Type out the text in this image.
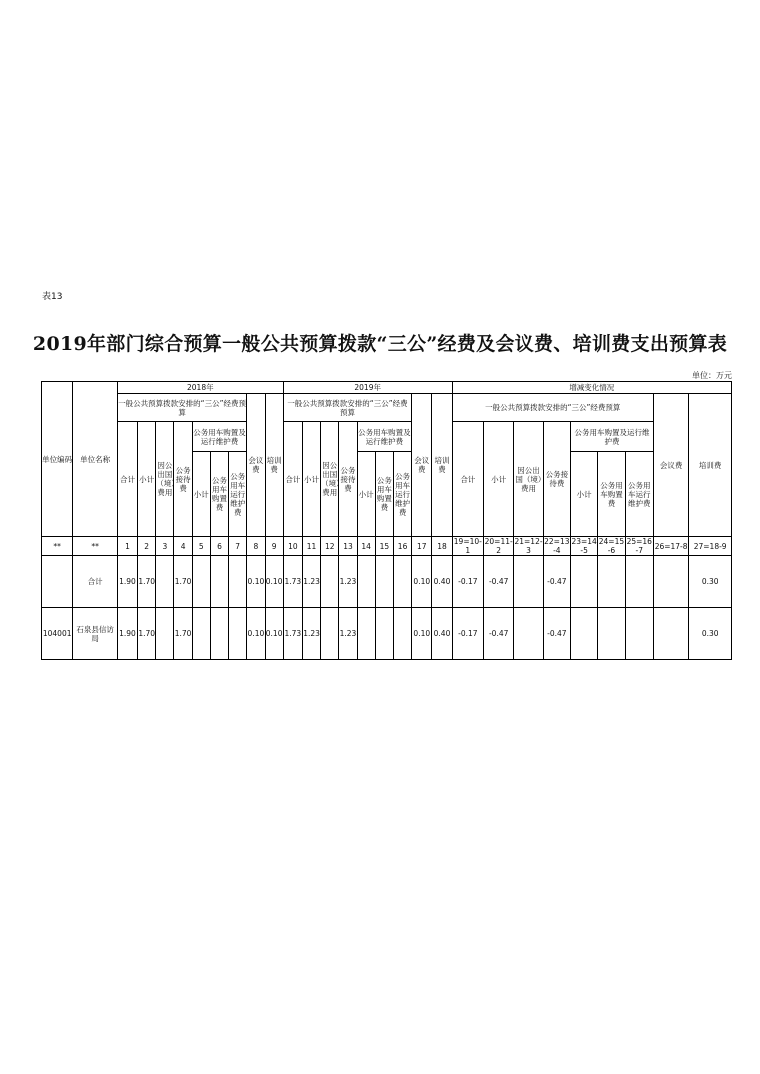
表13
2019年部门综合预算一般公共预算拨款“三公”经费及会议费、培训费支出预算表
单位：万元
单位编码	单位名称	2018年									2019年									增减变化情况								
		一般公共预算拨款安排的“三公”经费预算							会议费	培训费	一般公共预算拨款安排的“三公”经费预算							会议费	培训费	一般公共预算拨款安排的“三公”经费预算							会议费	培训费
		合计	小计	因公出国（境）费用	公务接待费	公务用车购置及运行维护费					合计	小计	因公出国（境）费用	公务接待费	公务用车购置及运行维护费					合计	小计	因公出国（境）费用	公务接待费	公务用车购置及运行维护费				
						小计	公务用车购置费	公务用车运行维护费							小计	公务用车购置费	公务用车运行维护费							小计	公务用车购置费	公务用车运行维护费		

**	**	1	2	3	4	5	6	7	8	9	10	11	12	13	14	15	16	17	18	19=10-1	20=11-2	21=12-3	22=13-4	23=14-5	24=15-6	25=16-7	26=17-8	27=18-9
	合计	1.90	1.70		1.70				0.10	0.10	1.73	1.23		1.23				0.10	0.40	-0.17	-0.47		-0.47					0.30
104001	石泉县信访局	1.90	1.70		1.70				0.10	0.10	1.73	1.23		1.23				0.10	0.40	-0.17	-0.47		-0.47					0.30
